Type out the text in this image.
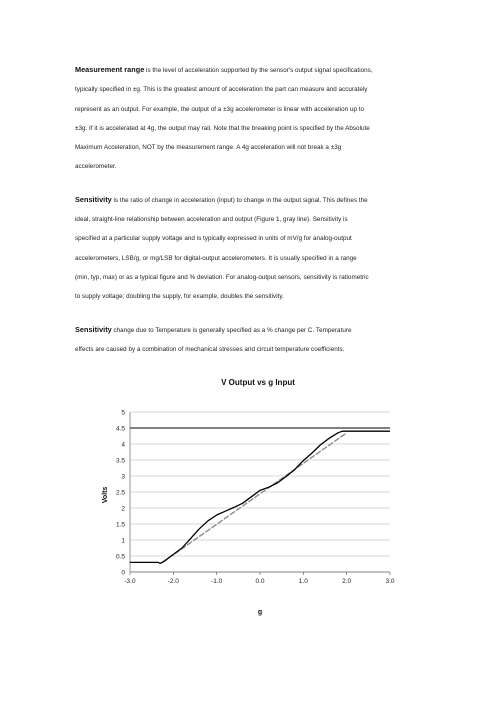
Measurement range is the level of acceleration supported by the sensor's output signal specifications,
typically specified in ±g. This is the greatest amount of acceleration the part can measure and accurately
represent as an output. For example, the output of a ±3g accelerometer is linear with acceleration up to
±3g. If it is accelerated at 4g, the output may rail. Note that the breaking point is specified by the Absolute
Maximum Acceleration, NOT by the measurement range. A 4g acceleration will not break a ±3g
accelerometer.

Sensitivity is the ratio of change in acceleration (input) to change in the output signal. This defines the
ideal, straight-line relationship between acceleration and output (Figure 1, gray line). Sensitivity is
specified at a particular supply voltage and is typically expressed in units of mV/g for analog-output
accelerometers, LSB/g, or mg/LSB for digital-output accelerometers. It is usually specified in a range
(min, typ, max) or as a typical figure and % deviation. For analog-output sensors, sensitivity is ratiometric
to supply voltage; doubling the supply, for example, doubles the sensitivity.

Sensitivity change due to Temperature is generally specified as a % change per C. Temperature
effects are caused by a combination of mechanical stresses and circuit temperature coefficients.

V Output vs g Input
0
0.5
1
1.5
2
2.5
3
3.5
4
4.5
5
-3.0	-2.0	-1.0	0.0	1.0	2.0	3.0
Volts
g
